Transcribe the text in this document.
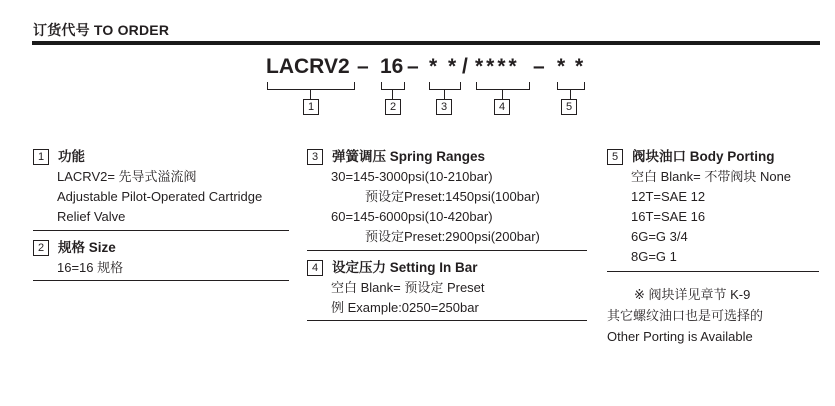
订货代号 TO ORDER
LACRV2 – 16 – * * / **** – * *
1	2	3	4	5
1	功能
LACRV2= 先导式溢流阀
Adjustable Pilot-Operated Cartridge
Relief Valve
2	规格 Size
16=16 规格
3	弹簧调压 Spring Ranges
30=145-3000psi(10-210bar)
预设定Preset:1450psi(100bar)
60=145-6000psi(10-420bar)
预设定Preset:2900psi(200bar)
4	设定压力 Setting In Bar
空白 Blank= 预设定 Preset
例 Example:0250=250bar
5	阀块油口 Body Porting
空白 Blank= 不带阀块 None
12T=SAE 12
16T=SAE 16
6G=G 3/4
8G=G 1
※ 阀块详见章节 K-9
其它螺纹油口也是可选择的
Other Porting is Available
